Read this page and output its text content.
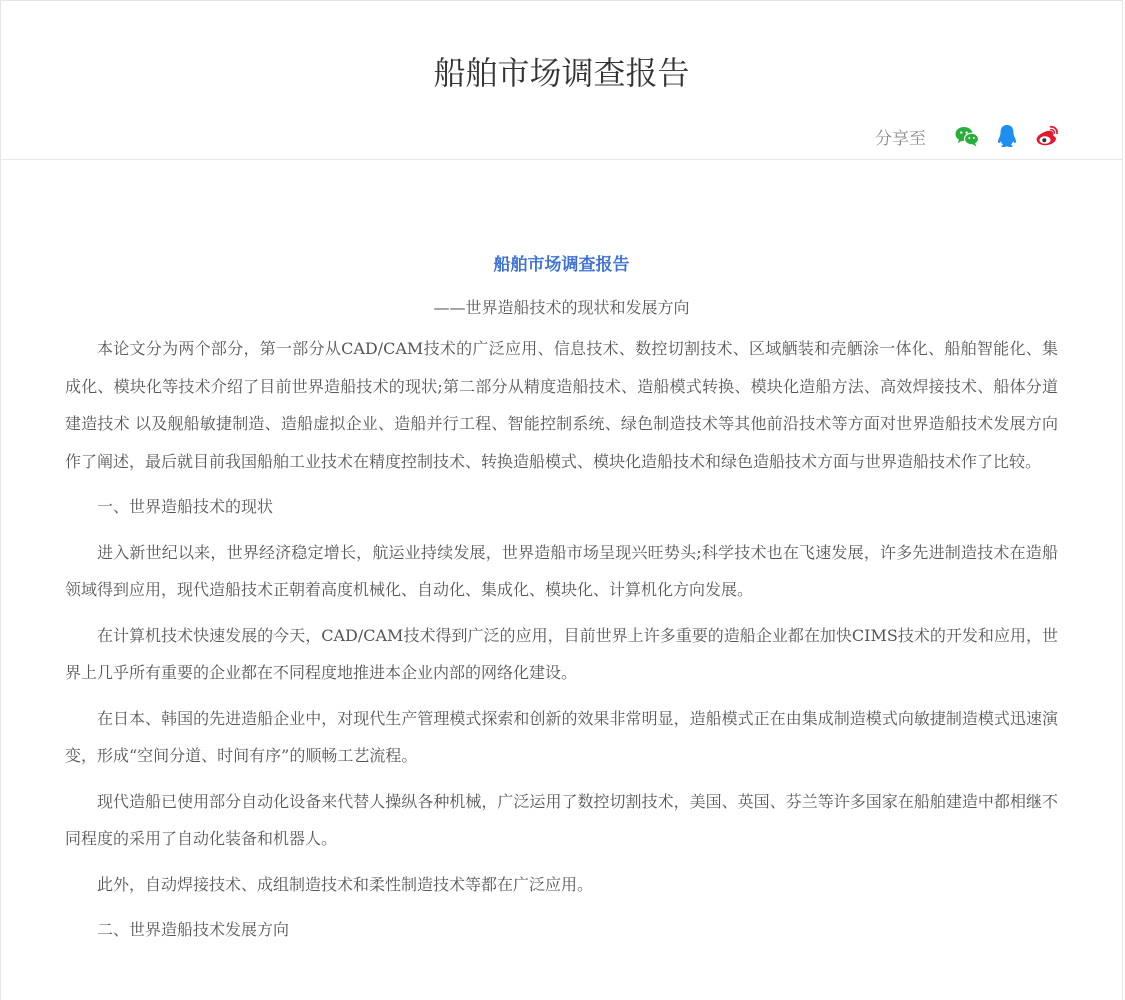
船舶市场调查报告
分享至
船舶市场调查报告
——世界造船技术的现状和发展方向

本论文分为两个部分，第一部分从CAD/CAM技术的广泛应用、信息技术、数控切割技术、区域舾装和壳舾涂一体化、船舶智能化、集成化、模块化等技术介绍了目前世界造船技术的现状;第二部分从精度造船技术、造船模式转换、模块化造船方法、高效焊接技术、船体分道建造技术 以及舰船敏捷制造、造船虚拟企业、造船并行工程、智能控制系统、绿色制造技术等其他前沿技术等方面对世界造船技术发展方向作了阐述，最后就目前我国船舶工业技术在精度控制技术、转换造船模式、模块化造船技术和绿色造船技术方面与世界造船技术作了比较。

一、世界造船技术的现状

进入新世纪以来，世界经济稳定增长，航运业持续发展，世界造船市场呈现兴旺势头;科学技术也在飞速发展，许多先进制造技术在造船领域得到应用，现代造船技术正朝着高度机械化、自动化、集成化、模块化、计算机化方向发展。

在计算机技术快速发展的今天，CAD/CAM技术得到广泛的应用，目前世界上许多重要的造船企业都在加快CIMS技术的开发和应用，世界上几乎所有重要的企业都在不同程度地推进本企业内部的网络化建设。

在日本、韩国的先进造船企业中，对现代生产管理模式探索和创新的效果非常明显，造船模式正在由集成制造模式向敏捷制造模式迅速演变，形成“空间分道、时间有序”的顺畅工艺流程。

现代造船已使用部分自动化设备来代替人操纵各种机械，广泛运用了数控切割技术，美国、英国、芬兰等许多国家在船舶建造中都相继不同程度的采用了自动化装备和机器人。

此外，自动焊接技术、成组制造技术和柔性制造技术等都在广泛应用。

二、世界造船技术发展方向
